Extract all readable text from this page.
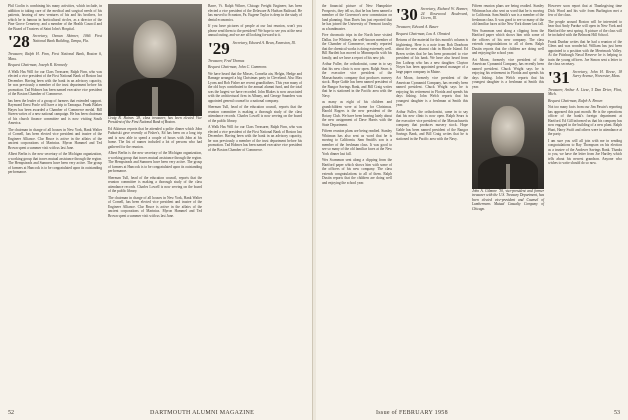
Phil Coolin is combining his many activities, which include, in addition to taking care of the medical and surgical needs of his patients, hearing of new ventures of his and his brothers, for which he is famous in horticultural circles, as a director of the Pine Grove Cemetery, and a member of the Health Council and the Board of Trustees of Saint John's Hospital.

'28 Secretary, Osmun Skinner, 1066 First National Bank Building, Tampa, Fla.

Treasurer, Ralph H. Finn, First National Bank, Boston 6, Mass.

Bequest Chairman, Joseph R. Kennedy

A Walk Has Will for our Class Treasurer, Ralph Finn, who was elected a vice president of the First National Bank of Boston last December. Having been with the bank in an advisory capacity, he was previously a member of the trust department before his promotion. Tad Holmes has been named executive vice president of the Boston Chamber of Commerce.

has been the leader of a group of farmers that extended support. Raymond Ernst Poole will have a trip to Tamaqua. Frank Blakes Hayes has been awarded a Chamber of Commerce medal. Bill Sizeen writes of a new national campaign. He has been chairman of his church finance committee and is now visiting South America.

The chairman in charge of all houses in New York, Hank Walter of Cornell, has been elected vice president and trustee of the Engineer Alliance. Clar Bruce is active in the affairs of the ancient corporations of Marinius. Myron Hammel and Ted Brown spent a summer visit with us last June.

Albert Berlin is the new secretary of the Michigan organization, a working group that traces mutual assistance through the region. The Hempsteads and Sumners have been very active. The group of farmers at Hancock is to be congratulated upon its outstanding performance.

Craig B. Haines '28, class treasurer, has been elected Vice President of the First National Bank of Boston.

Ed Atkinson reports that he attended a polite dinner which John Paduriski gave recently at Fisher's, Ed has been on a long trip and is now able to spend a couple of hours with John at his home. The list of names included a lot of persons who had gathered for the reunion.

Albert Berlin is the new secretary of the Michigan organization, a working group that traces mutual assistance through the region. The Hempsteads and Sumners have been very active. The group of farmers at Hancock is to be congratulated upon its outstanding performance.

Sherman Tull, head of the education council, reports that the reunion committee is making a thorough study of the class attendance records. Charles Lowell is now serving on the board of the public library.

The chairman in charge of all houses in New York, Hank Walter of Cornell, has been elected vice president and trustee of the Engineer Alliance. Clar Bruce is active in the affairs of the ancient corporations of Marinius. Myron Hammel and Ted Brown spent a summer visit with us last June.

Barre, Vt. Ralph Wilner, Chicago Freight Engineer, has been elected a vice president of the Delaware & Hudson Railroad. He has moved to Scranton, Pa. Eugene Taylor is deep in the study of dental economics.

If you have pictures of people at our last reunion, won't you please send them to the president? We hope to see you at the next annual outing, and we are all looking forward to it.

'29 Secretary, Edward A. Bean, Evanston, Ill.

Treasurer, Fred Thomas

Bequest Chairman, John C. Gammons

We have heard that the Misses, Cornelia ain, Helgin, Hedge and Ramage arranged a big Christmas party in Cleveland. Also Max Lyons and Bob Fisher are recent grandfathers. This year many of the old boys contributed to the annual alumni fund, and the total was the largest we have recorded. John Blakes is now associated with the architectural firm in Albany, and George Saunders was appointed general counsel to a national company.

Sherman Tull, head of the education council, reports that the reunion committee is making a thorough study of the class attendance records. Charles Lowell is now serving on the board of the public library.

A Walk Has Will for our Class Treasurer, Ralph Finn, who was elected a vice president of the First National Bank of Boston last December. Having been with the bank in an advisory capacity, he was previously a member of the trust department before his promotion. Tad Holmes has been named executive vice president of the Boston Chamber of Commerce.

52	DARTMOUTH ALUMNI MAGAZINE

the financial picture of New Hampshire Prospects, they tell us, that he has been named a member of the Governor's new commission on land planning. Stan Davis has just reported that he has joined the University of Vermont faculty as a bandmaster.

Five chromatic trips in the North have visited Dallas. Joe Whitney, the well-known member of the Chamber of Commerce, recently reported that the chemical works is doing extremely well. Bill Bartlett has moved to Minneapolis with his family, and we have a report of his new job.

Arthur Fuller, the orthodontist, came in to say that his new clinic is now open. Ralph Sears is the executive vice president of the Massachusetts company that produces nursery stock. Hope Gable has been named president of the Bangor Savings Bank, and Bill Craig writes that he is stationed in the Pacific area with the Navy.

as many as eight of his children and grandchildren were at home for Christmas. Harold Rogers is the new president of the Rotary Club. We have been hearing lately about the new assignment of Dave Harris with the State Department.

Fifteen reunion plans are being readied. Stanley Whitman has also sent us word that he is moving to California. Sam Smith's son is a member of the freshman class. It was good to see so many of the old familiar faces at the New York dinner last fall.

Wes Scammon sent along a clipping from the Hartford paper which shows him with some of the officers of his new company. The class extends congratulations to all of them. Ralph Dustin reports that the children are doing well and enjoying the school year.

'30 Secretary, Richard W. Bonner, 24 Rosewood Boulevard, Cicero, Ill.

Treasurer, Edward A. Bauer

Bequest Chairman, Lou A. Olmsted

Returns of the material for this month's column is frightening. Here is a note from Bob Dearborn about the new alumni club in Rhode Island. Ed Breen writes that he has been promoted to vice president of his bank. We have also heard from Jim Lathrop who has a new daughter. Clayton Noyes has been appointed general manager of a large paper company in Maine.

Art Moon, formerly vice president of the American Cyanamid Company, has recently been named president. Chuck Wright says he is enjoying his retirement in Florida and spends his days fishing. John Welch reports that his youngest daughter is a freshman at Smith this year.

Arthur Fuller, the orthodontist, came in to say that his new clinic is now open. Ralph Sears is the executive vice president of the Massachusetts company that produces nursery stock. Hope Gable has been named president of the Bangor Savings Bank, and Bill Craig writes that he is stationed in the Pacific area with the Navy.

Fifteen reunion plans are being readied. Stanley Whitman has also sent us word that he is moving to California. Sam Smith's son is a member of the freshman class. It was good to see so many of the old familiar faces at the New York dinner last fall.

Wes Scammon sent along a clipping from the Hartford paper which shows him with some of the officers of his new company. The class extends congratulations to all of them. Ralph Dustin reports that the children are doing well and enjoying the school year.

Art Moon, formerly vice president of the American Cyanamid Company, has recently been named president. Chuck Wright says he is enjoying his retirement in Florida and spends his days fishing. John Welch reports that his youngest daughter is a freshman at Smith this year.

John A. Gilmore '30, vice-president and former treasurer with the U.S. Treasury Department, has been elected vice-president and Counsel of Lumbermens Mutual Casualty Company of Chicago.

However soon report that at Thanksgiving time Dick Wood and his wife from Burlington met a few of the class.

The people around Boston will be interested to hear that Andy Purdue will open in New York and Hartford the next spring. A picture of the class will be included with the Belmont Hill School.

Frank Dunbar writes that he had a reunion of the Glens and was wonderful. William has just been appointed to a position with the Merrimack Valley. At the Pittsburgh Naval Reserve he is helping to train the young officers. Joe Simon sent a letter to the class secretary.

'31 Secretary, John H. Reese, 18 Surry Avenue, Worcester, Mass.

Treasurer, Arthur A. Liese, 5 Dan Drive, Flint, Mich.

Bequest Chairman, Ralph A. Brown

Not too many facts from our Jim Passin's reporting has appeared this past month. He is the operations officer of the bank's foreign department at Hartford. Ed Gill informed us that his company has now engaged in the building of a new plant. Ralph Hunt, Harry Swift and others were in attendance at the party.

I am sure you will all join with me in sending congratulations to Ray Thompson on his election as a trustee of the Andover Savings Bank. Thanks to you, we have the letter from Joe Hartley which tells about his newest grandson. Anyone who wishes to write should do so now.

Issue of FEBRUARY 1958	53
